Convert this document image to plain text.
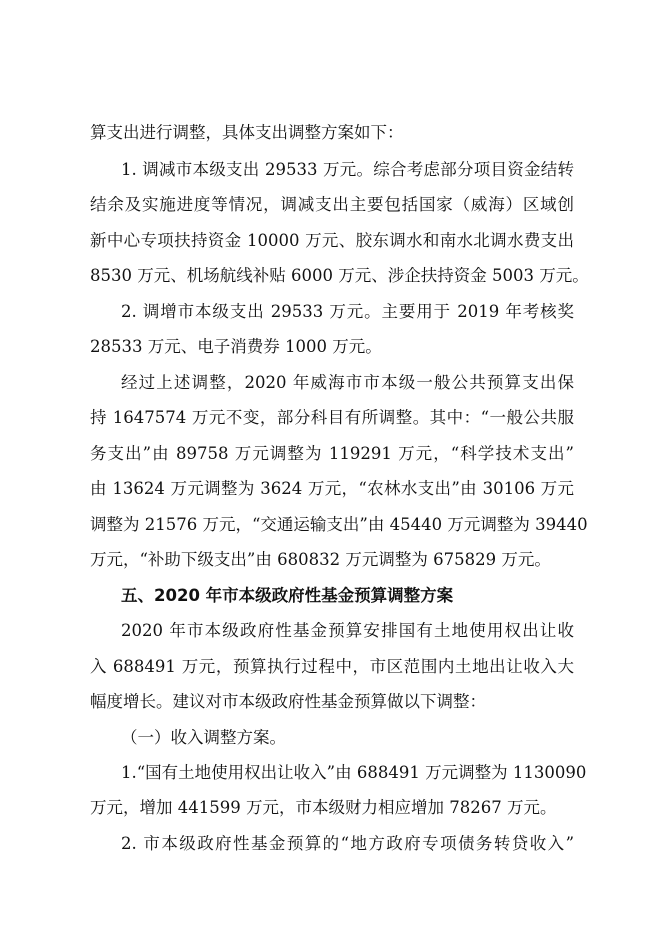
算支出进行调整，具体支出调整方案如下：
1. 调减市本级支出 29533 万元。综合考虑部分项目资金结转
结余及实施进度等情况，调减支出主要包括国家（威海）区域创
新中心专项扶持资金 10000 万元、胶东调水和南水北调水费支出
8530 万元、机场航线补贴 6000 万元、涉企扶持资金 5003 万元。
2. 调增市本级支出 29533 万元。主要用于 2019 年考核奖
28533 万元、电子消费券 1000 万元。
经过上述调整，2020 年威海市市本级一般公共预算支出保
持 1647574 万元不变，部分科目有所调整。其中：“一般公共服
务支出”由 89758 万元调整为 119291 万元，“科学技术支出”
由 13624 万元调整为 3624 万元，“农林水支出”由 30106 万元
调整为 21576 万元，“交通运输支出”由 45440 万元调整为 39440
万元，“补助下级支出”由 680832 万元调整为 675829 万元。
五、2020 年市本级政府性基金预算调整方案
2020 年市本级政府性基金预算安排国有土地使用权出让收
入 688491 万元，预算执行过程中，市区范围内土地出让收入大
幅度增长。建议对市本级政府性基金预算做以下调整：
（一）收入调整方案。
1.“国有土地使用权出让收入”由 688491 万元调整为 1130090
万元，增加 441599 万元，市本级财力相应增加 78267 万元。
2. 市本级政府性基金预算的“地方政府专项债务转贷收入”
